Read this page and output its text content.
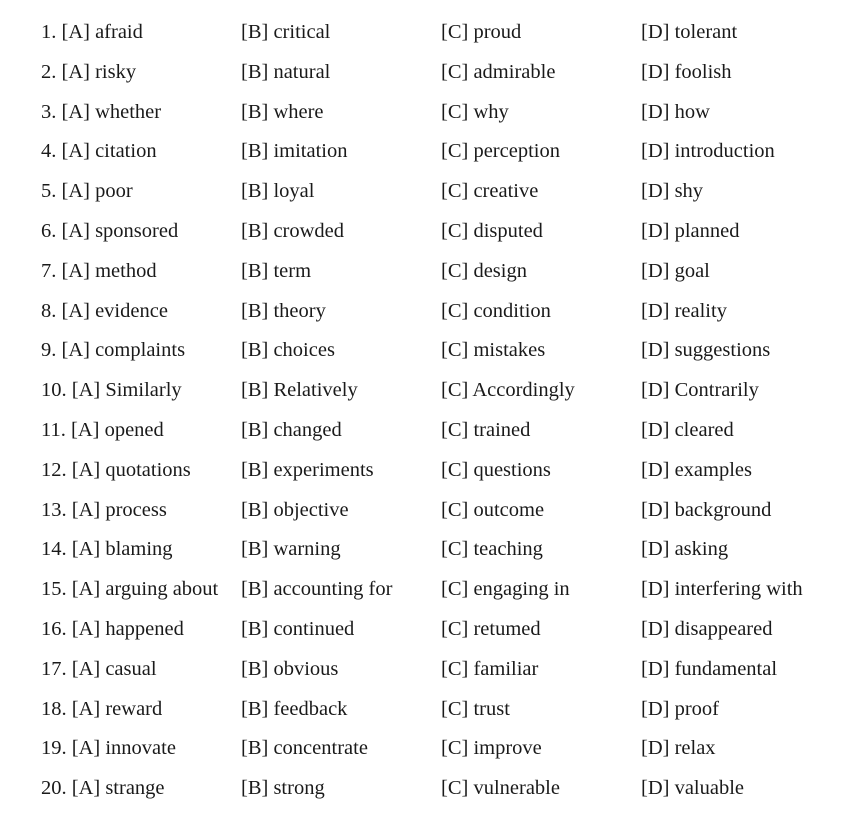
1. [A] afraid	[B] critical	[C] proud	[D] tolerant
2. [A] risky	[B] natural	[C] admirable	[D] foolish
3. [A] whether	[B] where	[C] why	[D] how
4. [A] citation	[B] imitation	[C] perception	[D] introduction
5. [A] poor	[B] loyal	[C] creative	[D] shy
6. [A] sponsored	[B] crowded	[C] disputed	[D] planned
7. [A] method	[B] term	[C] design	[D] goal
8. [A] evidence	[B] theory	[C] condition	[D] reality
9. [A] complaints	[B] choices	[C] mistakes	[D] suggestions
10. [A] Similarly	[B] Relatively	[C] Accordingly	[D] Contrarily
11. [A] opened	[B] changed	[C] trained	[D] cleared
12. [A] quotations [B] experiments	[C] questions	[D] examples
13. [A] process	[B] objective	[C] outcome	[D] background
14. [A] blaming	[B] warning	[C] teaching	[D] asking
15. [A] arguing about [B] accounting for [C] engaging in	[D] interfering with
16. [A] happened	[B] continued	[C] retumed	[D] disappeared
17. [A] casual	[B] obvious	[C] familiar	[D] fundamental
18. [A] reward	[B] feedback	[C] trust	[D] proof
19. [A] innovate	[B] concentrate	[C] improve	[D] relax
20. [A] strange	[B] strong	[C] vulnerable	[D] valuable
